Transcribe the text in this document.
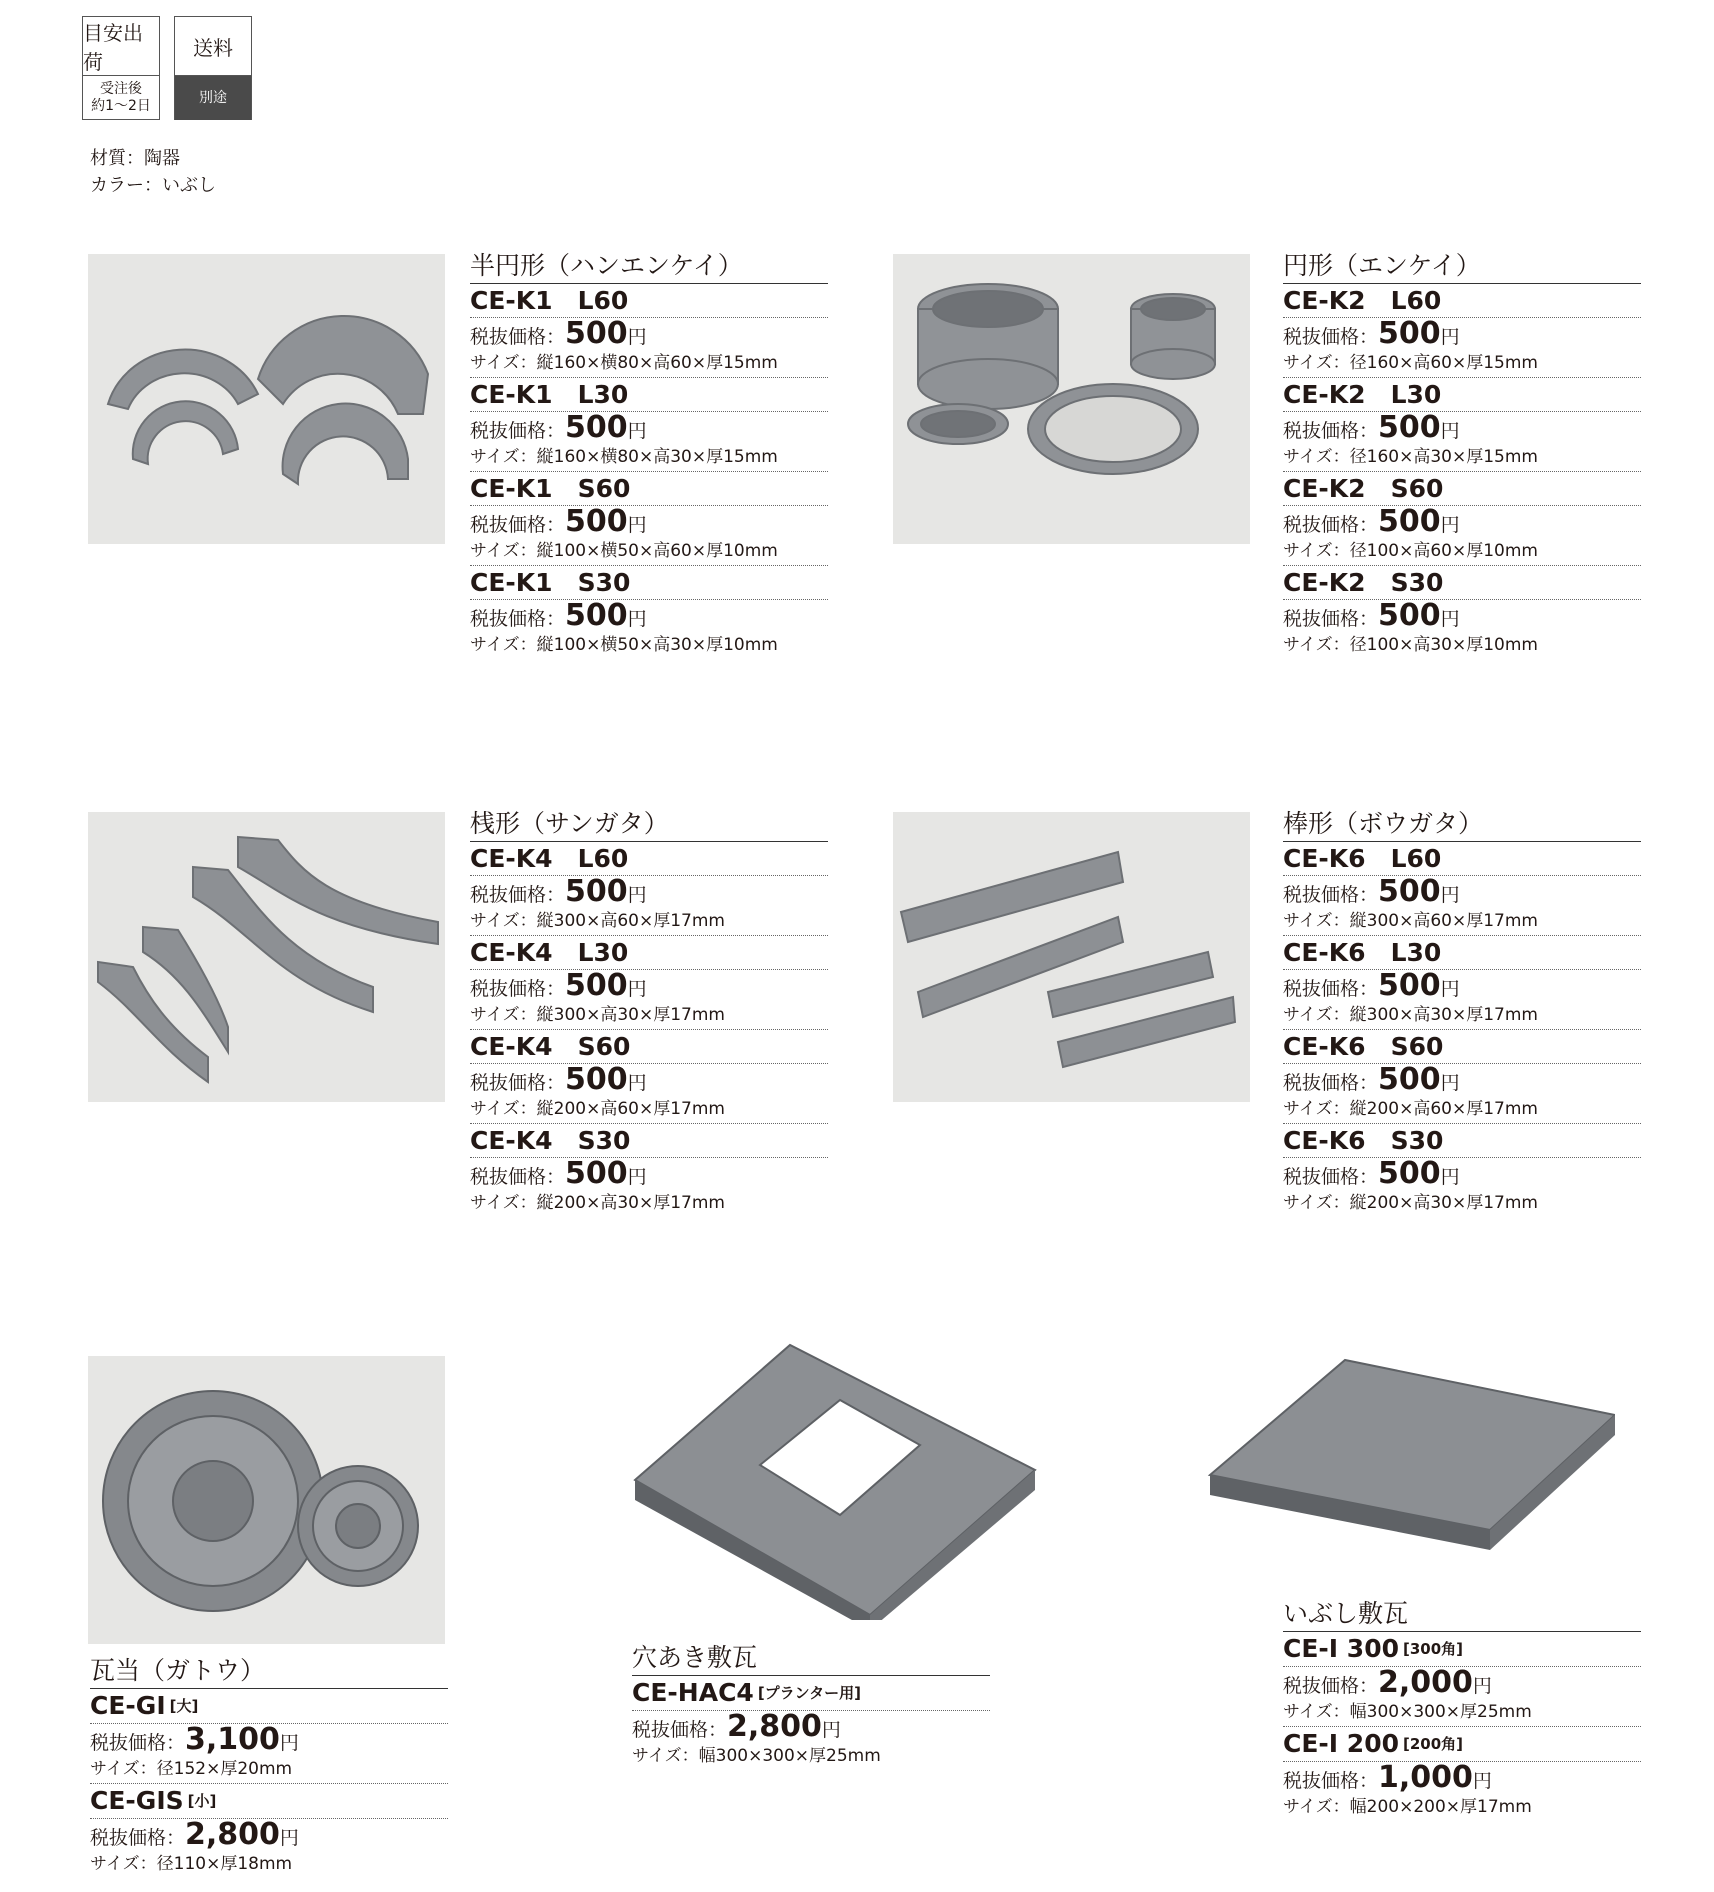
目安出荷
受注後
約1〜2日
送料
別途
材質：陶器
カラー：いぶし
半円形（ハンエンケイ）
CE-K1　L60
税抜価格：500円
サイズ：縦160×横80×高60×厚15mm
CE-K1　L30
税抜価格：500円
サイズ：縦160×横80×高30×厚15mm
CE-K1　S60
税抜価格：500円
サイズ：縦100×横50×高60×厚10mm
CE-K1　S30
税抜価格：500円
サイズ：縦100×横50×高30×厚10mm
円形（エンケイ）
CE-K2　L60
税抜価格：500円
サイズ：径160×高60×厚15mm
CE-K2　L30
税抜価格：500円
サイズ：径160×高30×厚15mm
CE-K2　S60
税抜価格：500円
サイズ：径100×高60×厚10mm
CE-K2　S30
税抜価格：500円
サイズ：径100×高30×厚10mm
桟形（サンガタ）
CE-K4　L60
税抜価格：500円
サイズ：縦300×高60×厚17mm
CE-K4　L30
税抜価格：500円
サイズ：縦300×高30×厚17mm
CE-K4　S60
税抜価格：500円
サイズ：縦200×高60×厚17mm
CE-K4　S30
税抜価格：500円
サイズ：縦200×高30×厚17mm
棒形（ボウガタ）
CE-K6　L60
税抜価格：500円
サイズ：縦300×高60×厚17mm
CE-K6　L30
税抜価格：500円
サイズ：縦300×高30×厚17mm
CE-K6　S60
税抜価格：500円
サイズ：縦200×高60×厚17mm
CE-K6　S30
税抜価格：500円
サイズ：縦200×高30×厚17mm
瓦当（ガトウ）
CE-GI [大]
税抜価格：3,100円
サイズ：径152×厚20mm
CE-GIS [小]
税抜価格：2,800円
サイズ：径110×厚18mm
穴あき敷瓦
CE-HAC4 [プランター用]
税抜価格：2,800円
サイズ：幅300×300×厚25mm
いぶし敷瓦
CE-I 300 [300角]
税抜価格：2,000円
サイズ：幅300×300×厚25mm
CE-I 200 [200角]
税抜価格：1,000円
サイズ：幅200×200×厚17mm
